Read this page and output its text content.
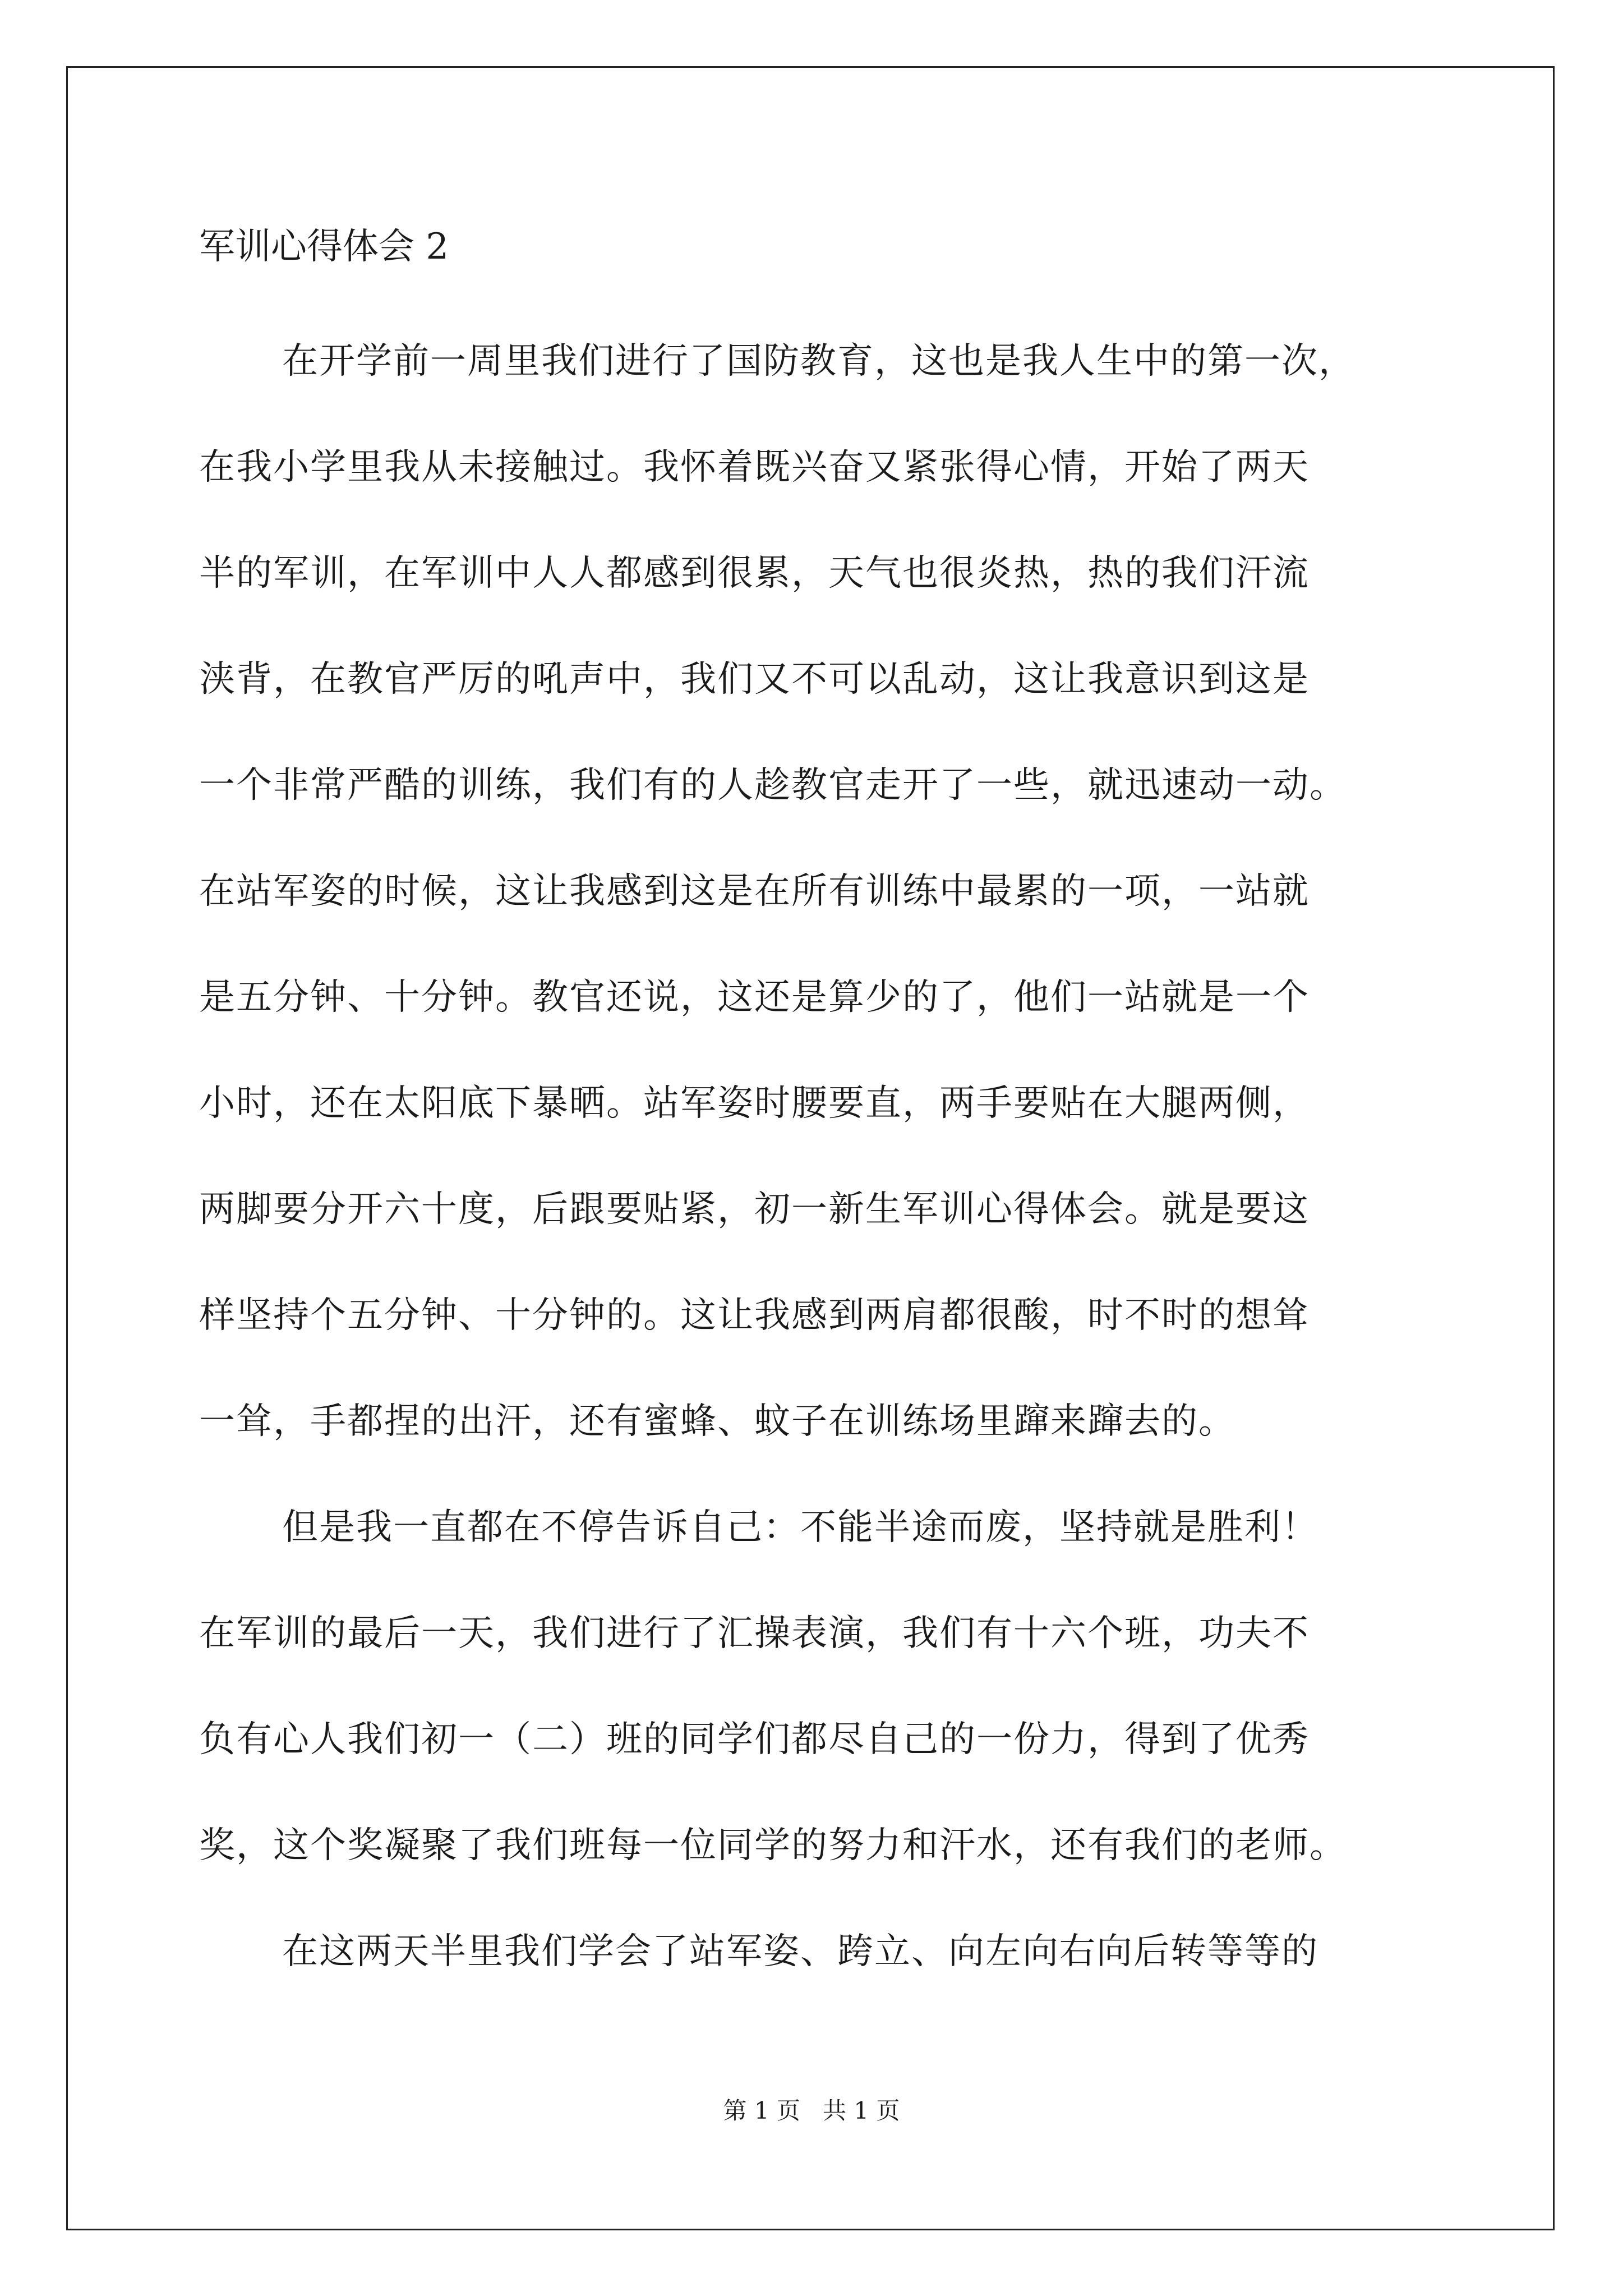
军训心得体会 2
在开学前一周里我们进行了国防教育，这也是我人生中的第一次，
在我小学里我从未接触过。我怀着既兴奋又紧张得心情，开始了两天
半的军训，在军训中人人都感到很累，天气也很炎热，热的我们汗流
浃背，在教官严厉的吼声中，我们又不可以乱动，这让我意识到这是
一个非常严酷的训练，我们有的人趁教官走开了一些，就迅速动一动。
在站军姿的时候，这让我感到这是在所有训练中最累的一项，一站就
是五分钟、十分钟。教官还说，这还是算少的了，他们一站就是一个
小时，还在太阳底下暴晒。站军姿时腰要直，两手要贴在大腿两侧，
两脚要分开六十度，后跟要贴紧，初一新生军训心得体会。就是要这
样坚持个五分钟、十分钟的。这让我感到两肩都很酸，时不时的想耸
一耸，手都捏的出汗，还有蜜蜂、蚊子在训练场里蹿来蹿去的。
但是我一直都在不停告诉自己：不能半途而废，坚持就是胜利！
在军训的最后一天，我们进行了汇操表演，我们有十六个班，功夫不
负有心人我们初一（二）班的同学们都尽自己的一份力，得到了优秀
奖，这个奖凝聚了我们班每一位同学的努力和汗水，还有我们的老师。
在这两天半里我们学会了站军姿、跨立、向左向右向后转等等的
第 1 页   共 1 页
